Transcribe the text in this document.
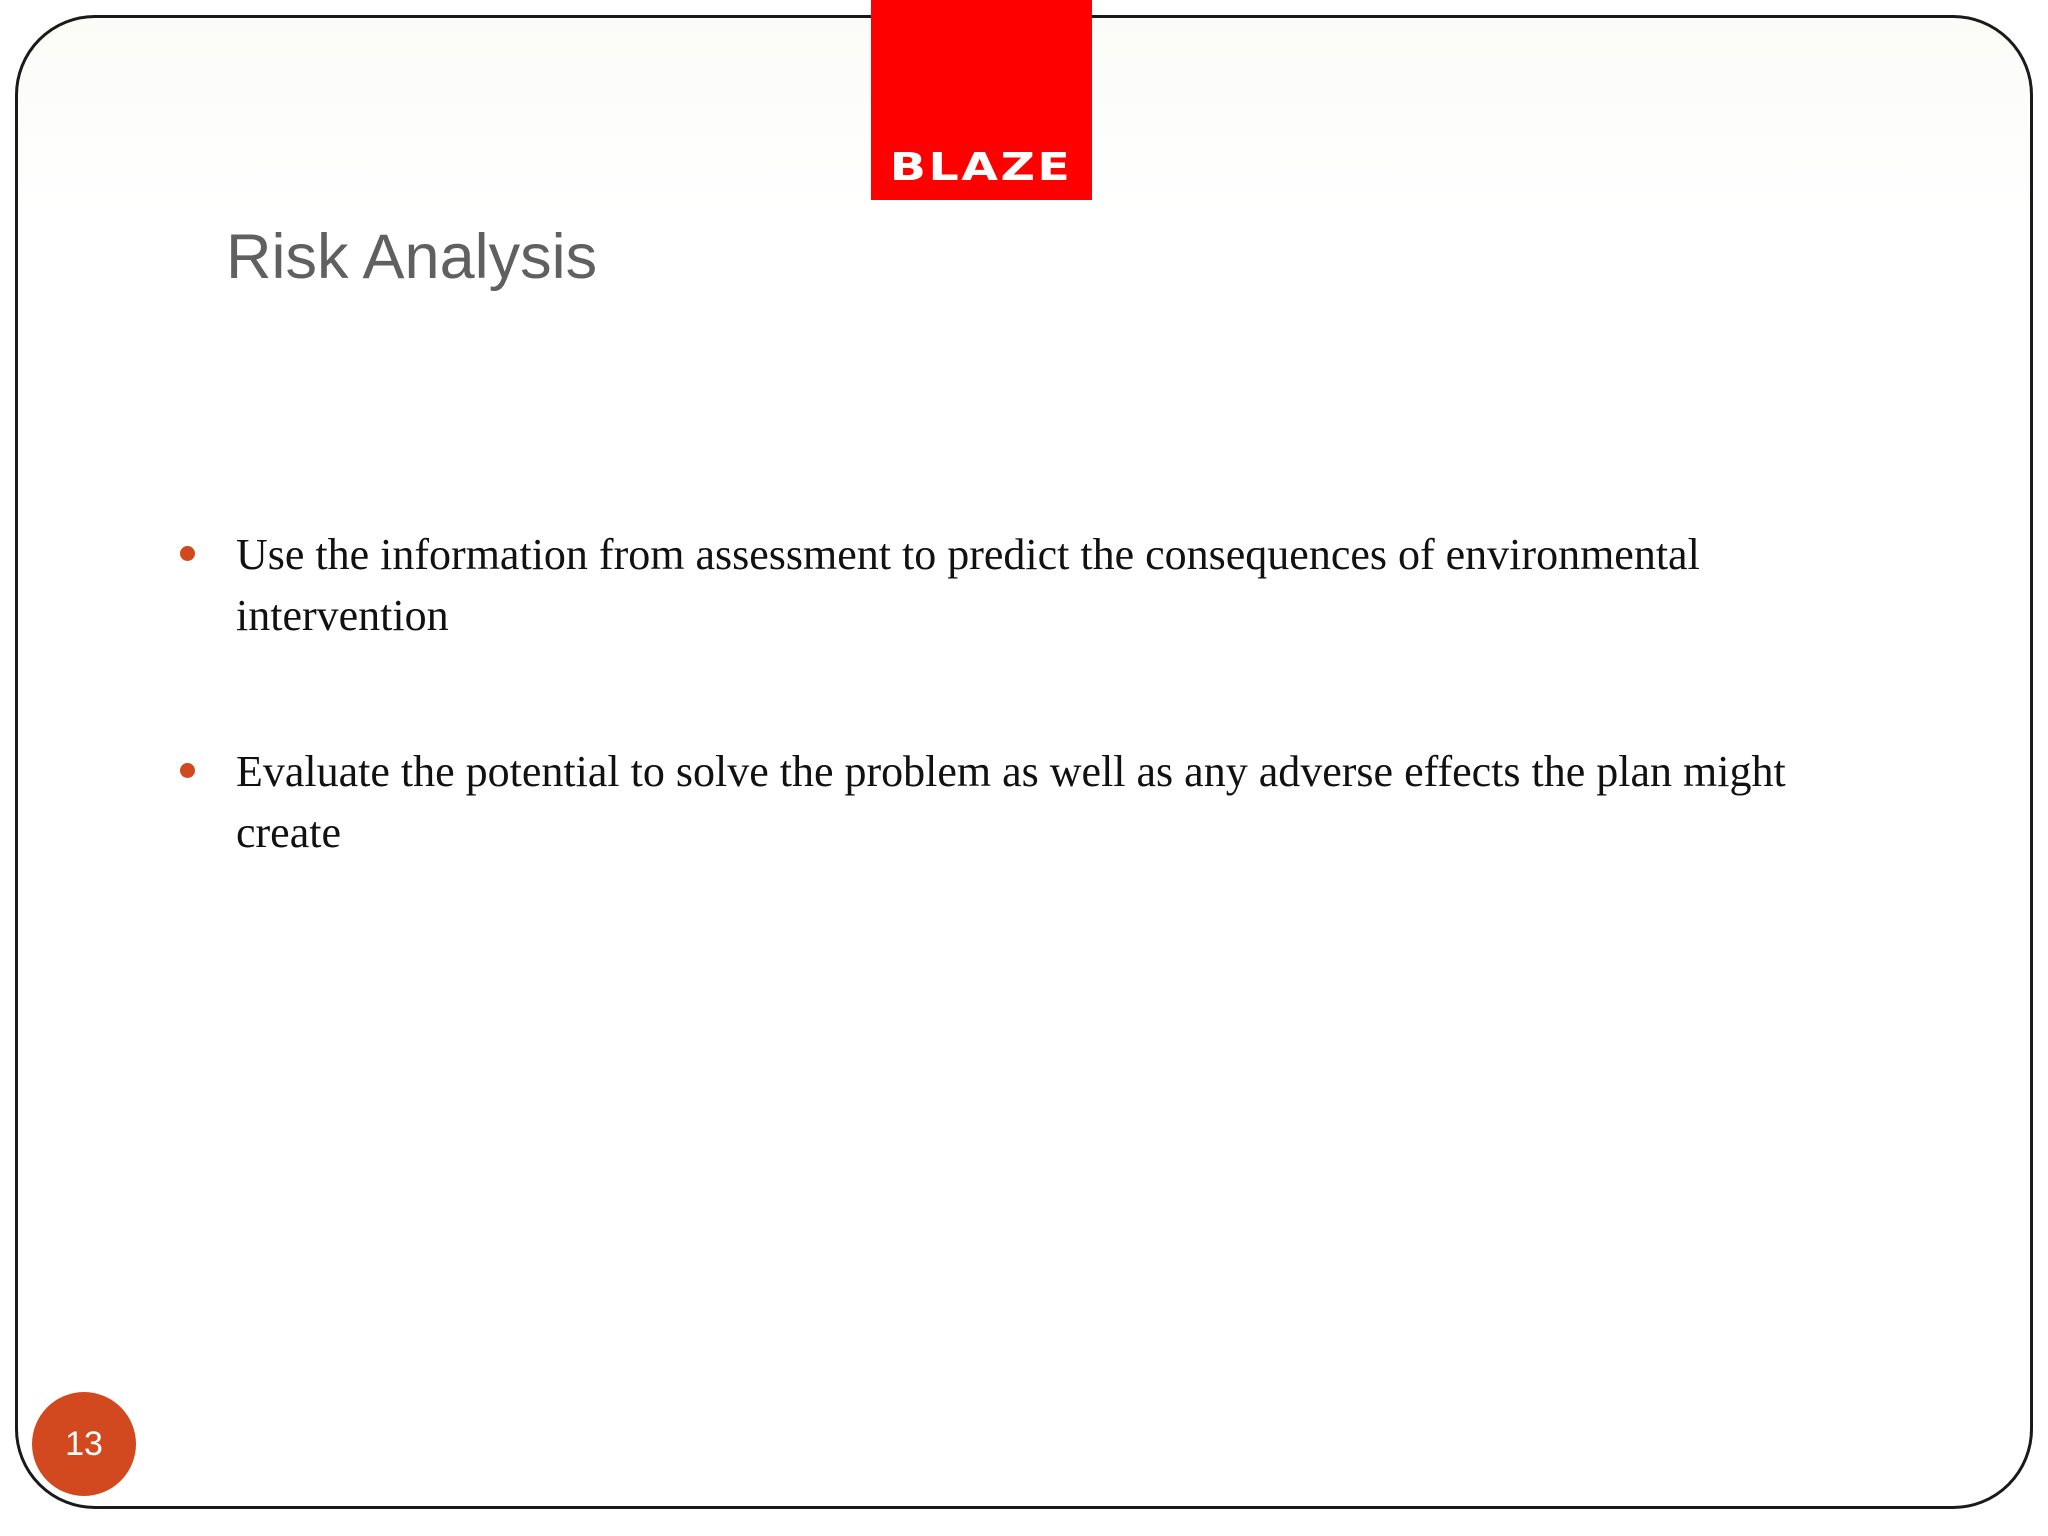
BLAZE
Risk Analysis
Use the information from assessment to predict the consequences of environmental intervention
Evaluate the potential to solve the problem as well as any adverse effects the plan might create
13
